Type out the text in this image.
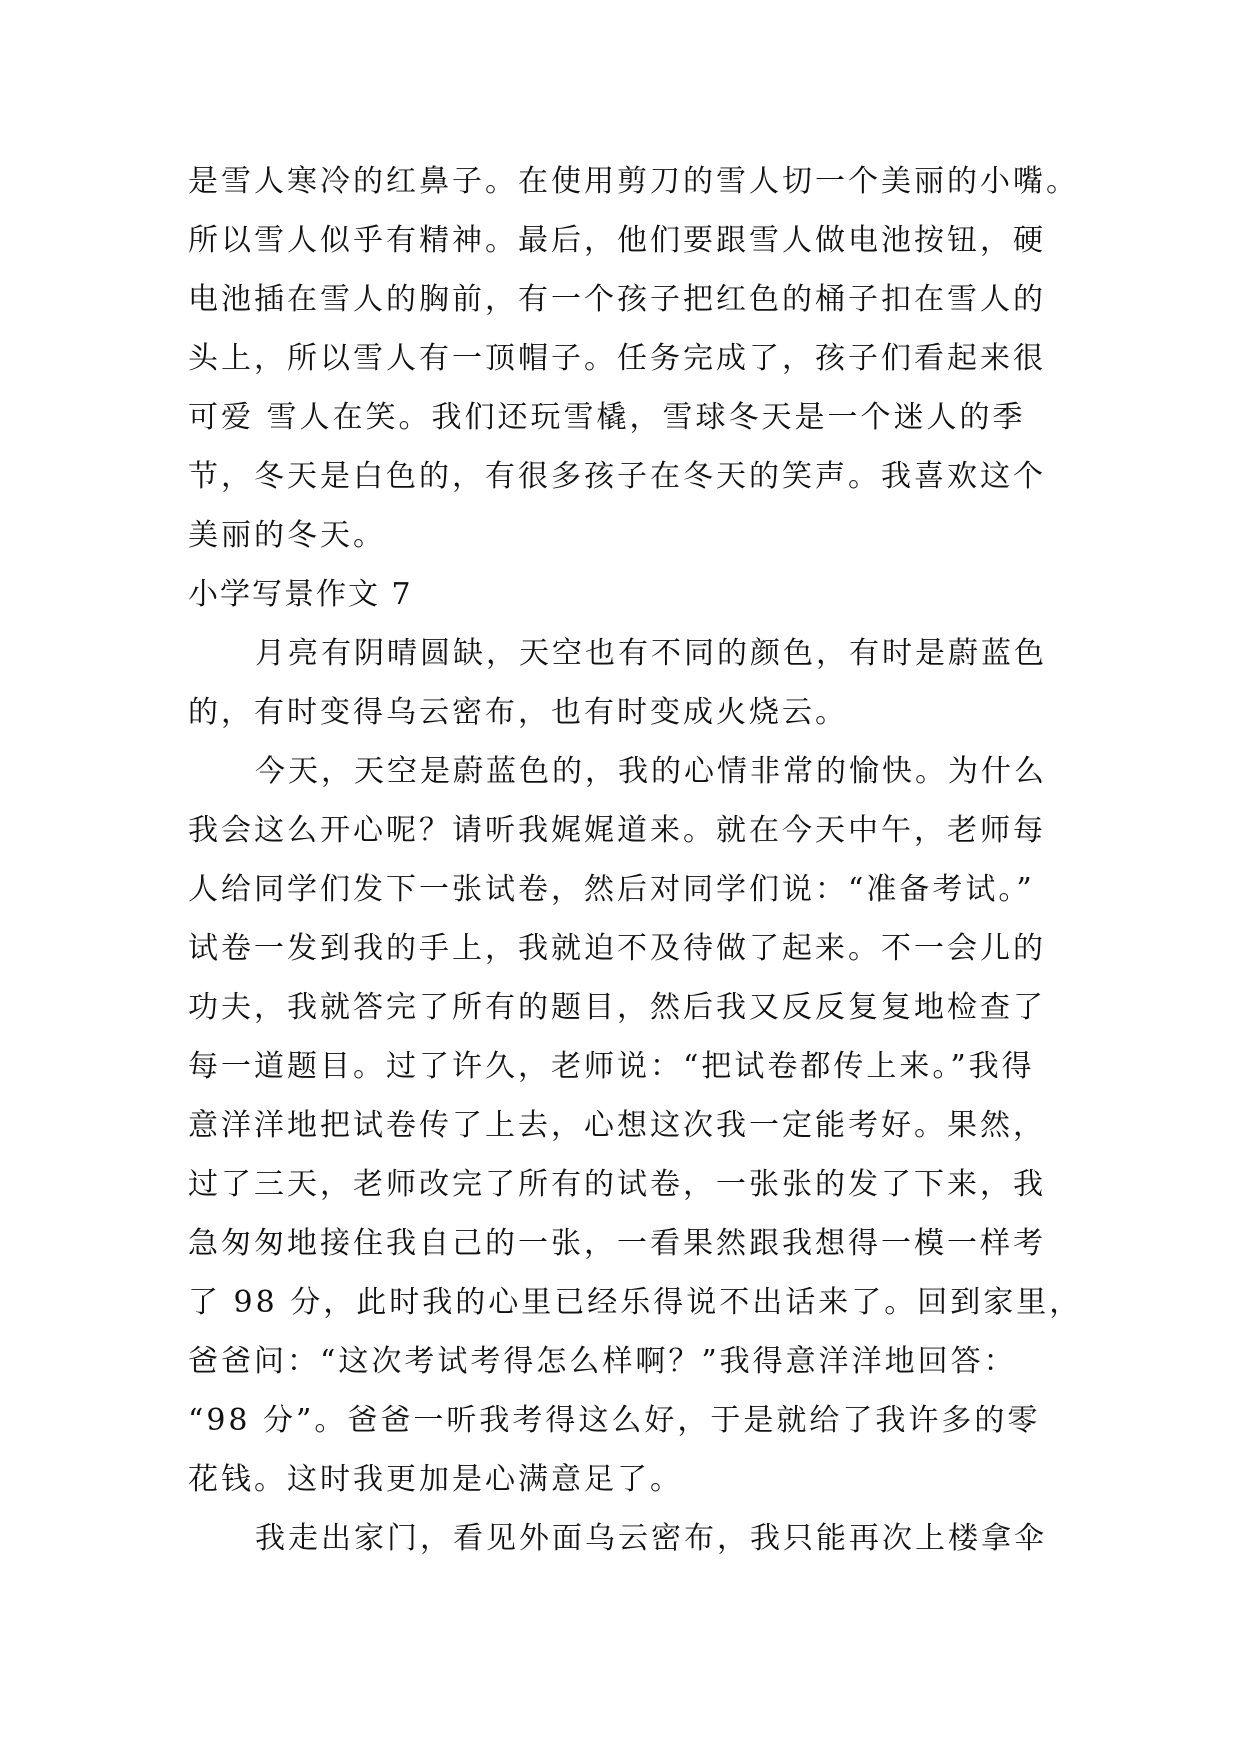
是雪人寒冷的红鼻子。在使用剪刀的雪人切一个美丽的小嘴。
所以雪人似乎有精神。最后，他们要跟雪人做电池按钮，硬
电池插在雪人的胸前，有一个孩子把红色的桶子扣在雪人的
头上，所以雪人有一顶帽子。任务完成了，孩子们看起来很
可爱 雪人在笑。我们还玩雪橇，雪球冬天是一个迷人的季
节，冬天是白色的，有很多孩子在冬天的笑声。我喜欢这个
美丽的冬天。
小学写景作文 7
月亮有阴晴圆缺，天空也有不同的颜色，有时是蔚蓝色
的，有时变得乌云密布，也有时变成火烧云。
今天，天空是蔚蓝色的，我的心情非常的愉快。为什么
我会这么开心呢？请听我娓娓道来。就在今天中午，老师每
人给同学们发下一张试卷，然后对同学们说：“准备考试。”
试卷一发到我的手上，我就迫不及待做了起来。不一会儿的
功夫，我就答完了所有的题目，然后我又反反复复地检查了
每一道题目。过了许久，老师说：“把试卷都传上来。”我得
意洋洋地把试卷传了上去，心想这次我一定能考好。果然，
过了三天，老师改完了所有的试卷，一张张的发了下来，我
急匆匆地接住我自己的一张，一看果然跟我想得一模一样考
了 98 分，此时我的心里已经乐得说不出话来了。回到家里，
爸爸问：“这次考试考得怎么样啊？”我得意洋洋地回答：
“98 分”。爸爸一听我考得这么好，于是就给了我许多的零
花钱。这时我更加是心满意足了。
我走出家门，看见外面乌云密布，我只能再次上楼拿伞
